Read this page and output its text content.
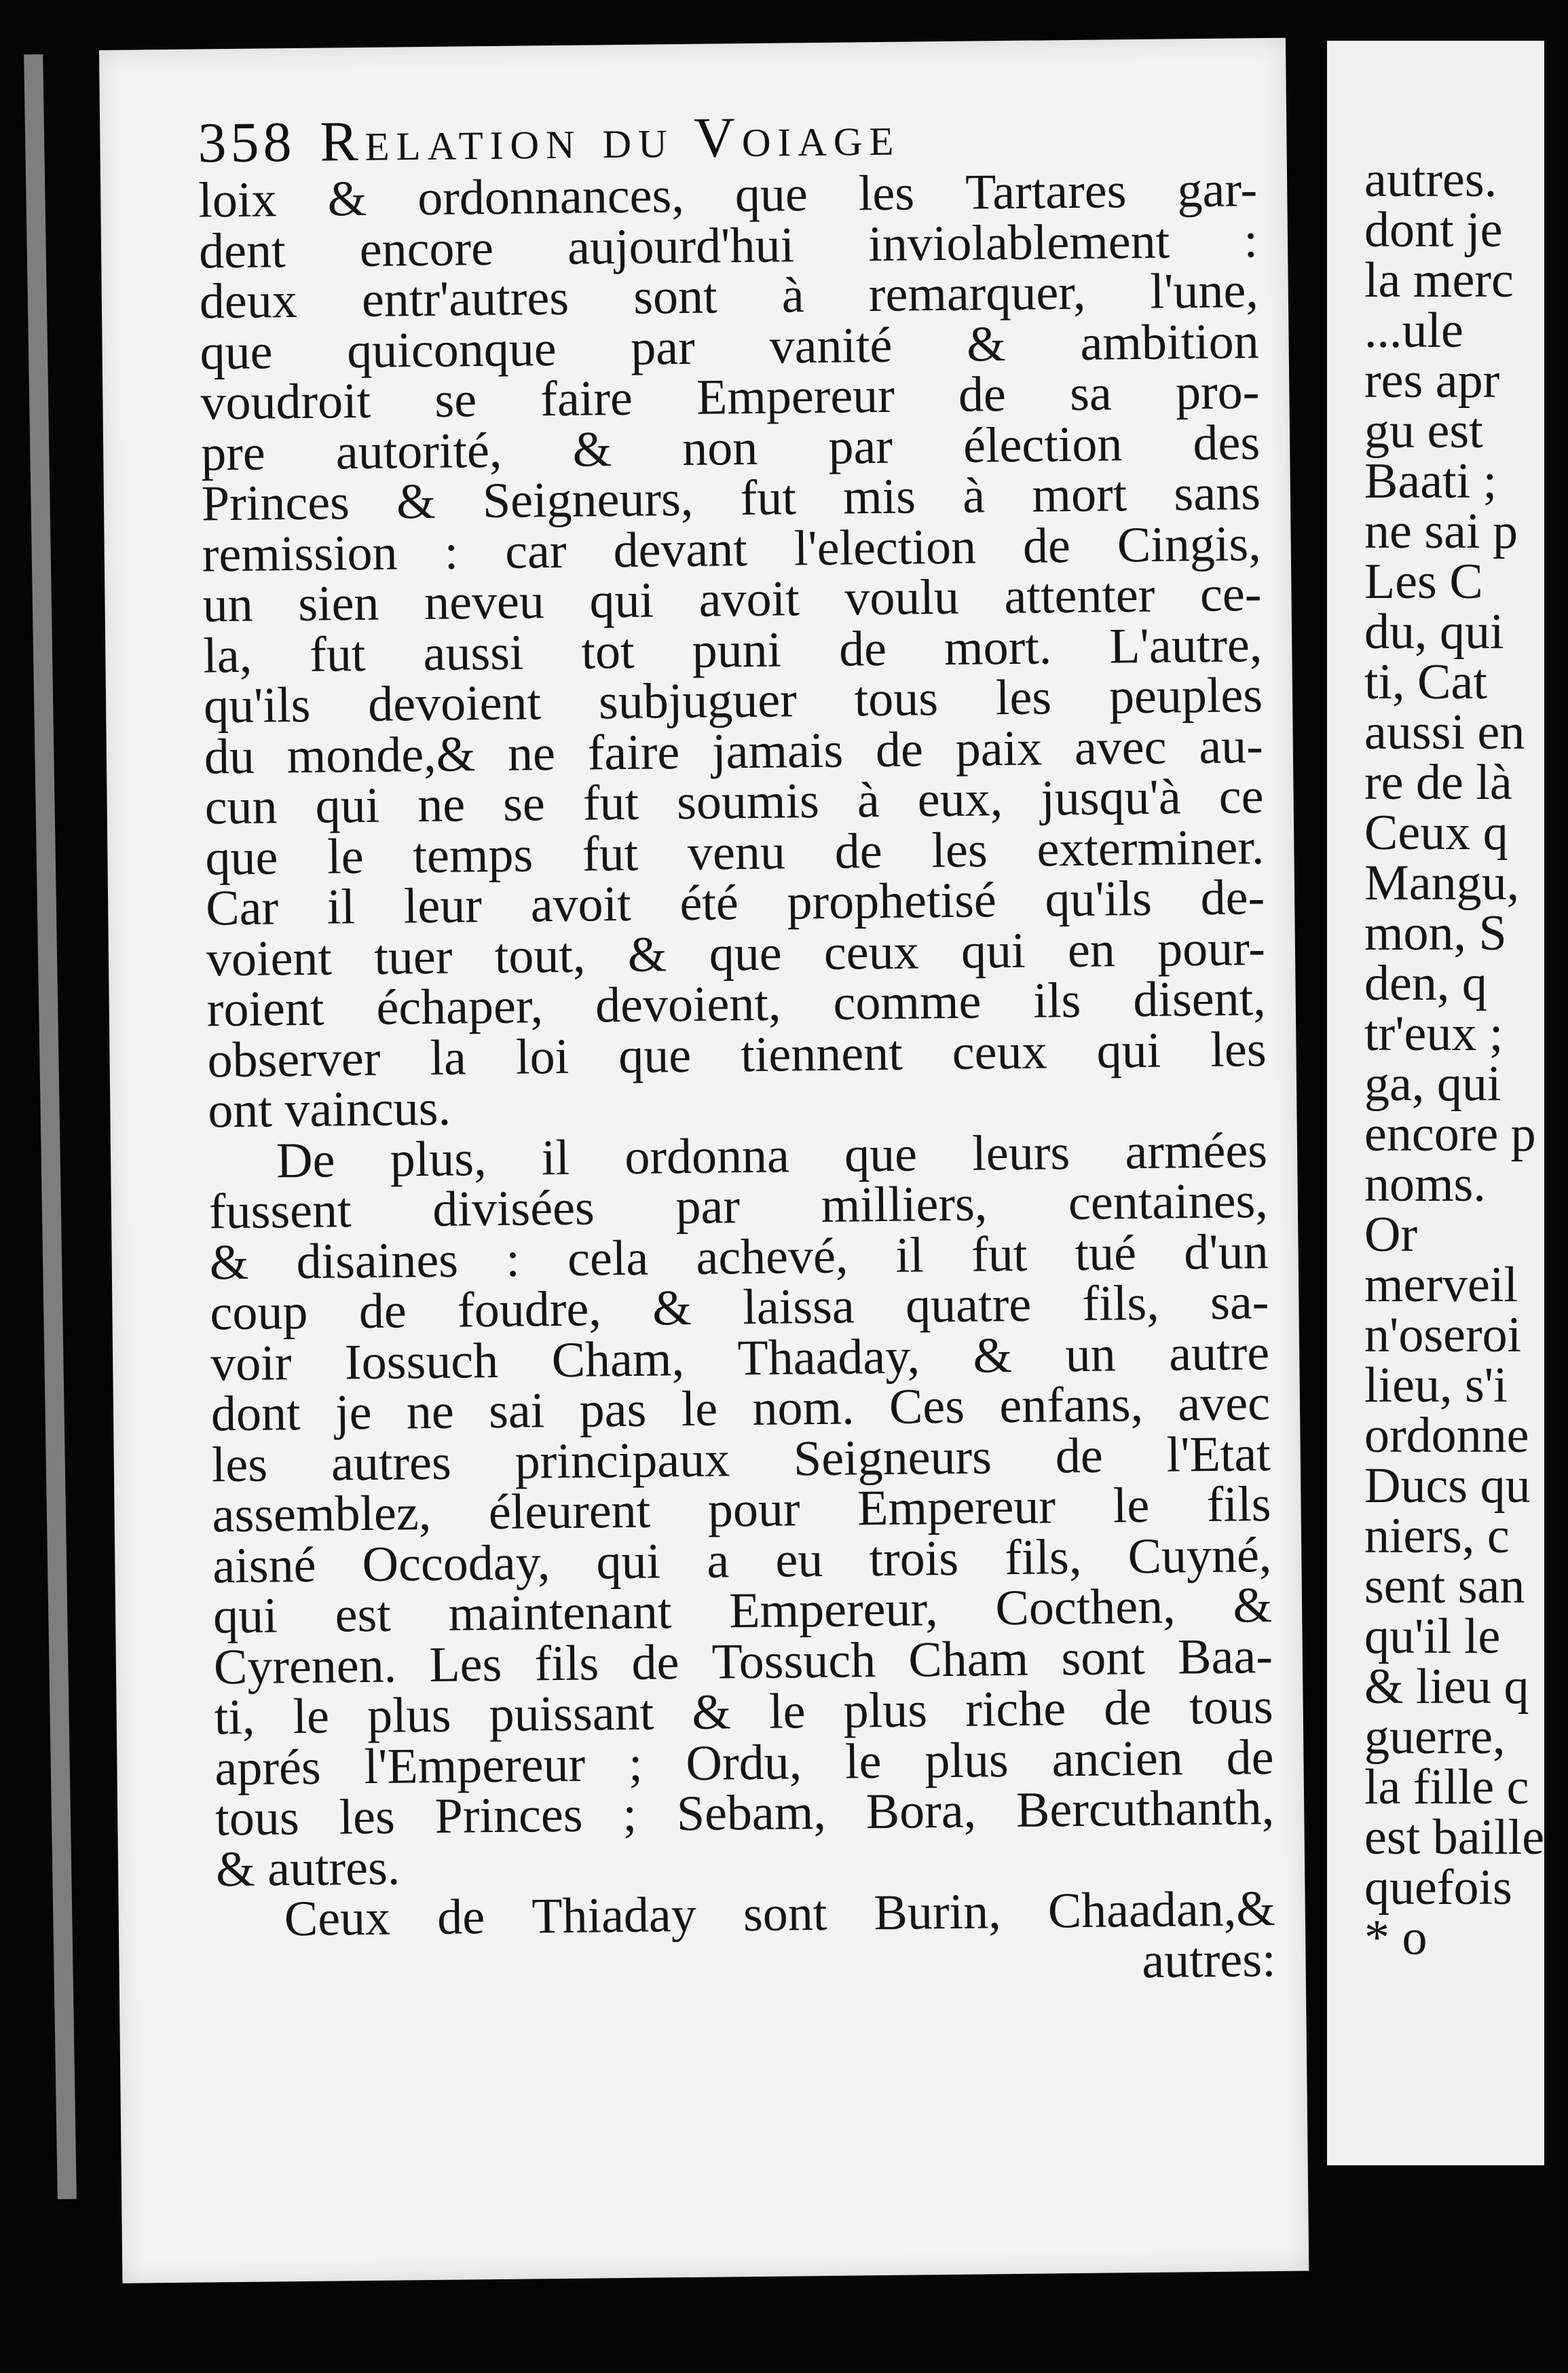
358 Relation du Voiage
loix & ordonnances, que les Tartares gar-
dent encore aujourd'hui inviolablement :
deux entr'autres sont à remarquer, l'une,
que quiconque par vanité & ambition
voudroit se faire Empereur de sa pro-
pre autorité, & non par élection des
Princes & Seigneurs, fut mis à mort sans
remission : car devant l'election de Cingis,
un sien neveu qui avoit voulu attenter ce-
la, fut aussi tot puni de mort. L'autre,
qu'ils devoient subjuguer tous les peuples
du monde,& ne faire jamais de paix avec au-
cun qui ne se fut soumis à eux, jusqu'à ce
que le temps fut venu de les exterminer.
Car il leur avoit été prophetisé qu'ils de-
voient tuer tout, & que ceux qui en pour-
roient échaper, devoient, comme ils disent,
observer la loi que tiennent ceux qui les
ont vaincus.
De plus, il ordonna que leurs armées
fussent divisées par milliers, centaines,
& disaines : cela achevé, il fut tué d'un
coup de foudre, & laissa quatre fils, sa-
voir Iossuch Cham, Thaaday, & un autre
dont je ne sai pas le nom. Ces enfans, avec
les autres principaux Seigneurs de l'Etat
assemblez, éleurent pour Empereur le fils
aisné Occoday, qui a eu trois fils, Cuyné,
qui est maintenant Empereur, Cocthen, &
Cyrenen. Les fils de Tossuch Cham sont Baa-
ti, le plus puissant & le plus riche de tous
aprés l'Empereur ; Ordu, le plus ancien de
tous les Princes ; Sebam, Bora, Bercuthanth,
& autres.
Ceux de Thiaday sont Burin, Chaadan,&
autres:
autres.
dont je
la merc
...ule
res apr
gu est
Baati ;
ne sai p
Les C
du, qui
ti, Cat
aussi en
re de là
Ceux q
Mangu,
mon, S
den, q
tr'eux ;
ga, qui
encore p
noms.
Or
merveil
n'oseroi
lieu, s'i
ordonne
Ducs qu
niers, c
sent san
qu'il le
& lieu q
guerre,
la fille c
est baille
quefois
* o
